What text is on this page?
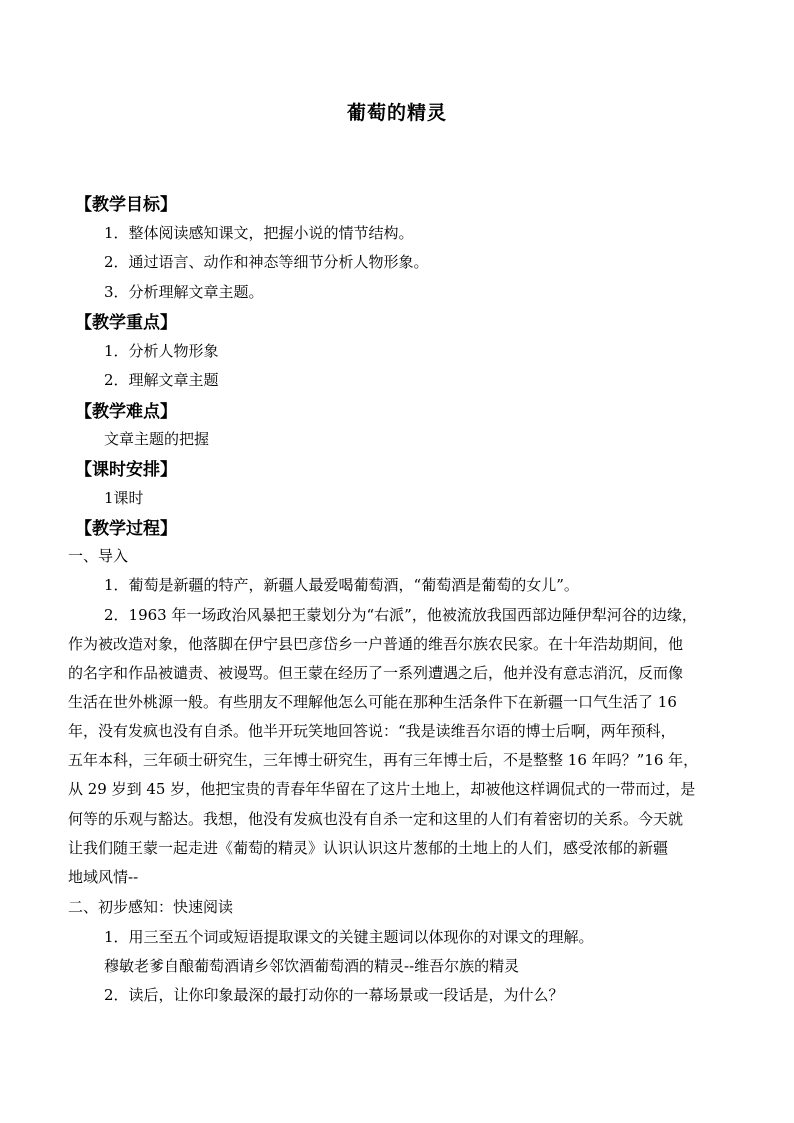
葡萄的精灵
【教学目标】
1．整体阅读感知课文，把握小说的情节结构。
2．通过语言、动作和神态等细节分析人物形象。
3．分析理解文章主题。
【教学重点】
1．分析人物形象
2．理解文章主题
【教学难点】
文章主题的把握
【课时安排】
1课时
【教学过程】
一、导入
1．葡萄是新疆的特产，新疆人最爱喝葡萄酒，“葡萄酒是葡萄的女儿”。
2．1963 年一场政治风暴把王蒙划分为“右派”，他被流放我国西部边陲伊犁河谷的边缘，
作为被改造对象，他落脚在伊宁县巴彦岱乡一户普通的维吾尔族农民家。在十年浩劫期间，他
的名字和作品被谴责、被谩骂。但王蒙在经历了一系列遭遇之后，他并没有意志消沉，反而像
生活在世外桃源一般。有些朋友不理解他怎么可能在那种生活条件下在新疆一口气生活了 16
年，没有发疯也没有自杀。他半开玩笑地回答说：“我是读维吾尔语的博士后啊，两年预科，
五年本科，三年硕士研究生，三年博士研究生，再有三年博士后，不是整整 16 年吗？”16 年，
从 29 岁到 45 岁，他把宝贵的青春年华留在了这片土地上，却被他这样调侃式的一带而过，是
何等的乐观与豁达。我想，他没有发疯也没有自杀一定和这里的人们有着密切的关系。今天就
让我们随王蒙一起走进《葡萄的精灵》认识认识这片葱郁的土地上的人们，感受浓郁的新疆
地域风情--
二、初步感知：快速阅读
1．用三至五个词或短语提取课文的关键主题词以体现你的对课文的理解。
穆敏老爹自酿葡萄酒请乡邻饮酒葡萄酒的精灵--维吾尔族的精灵
2．读后，让你印象最深的最打动你的一幕场景或一段话是，为什么？
